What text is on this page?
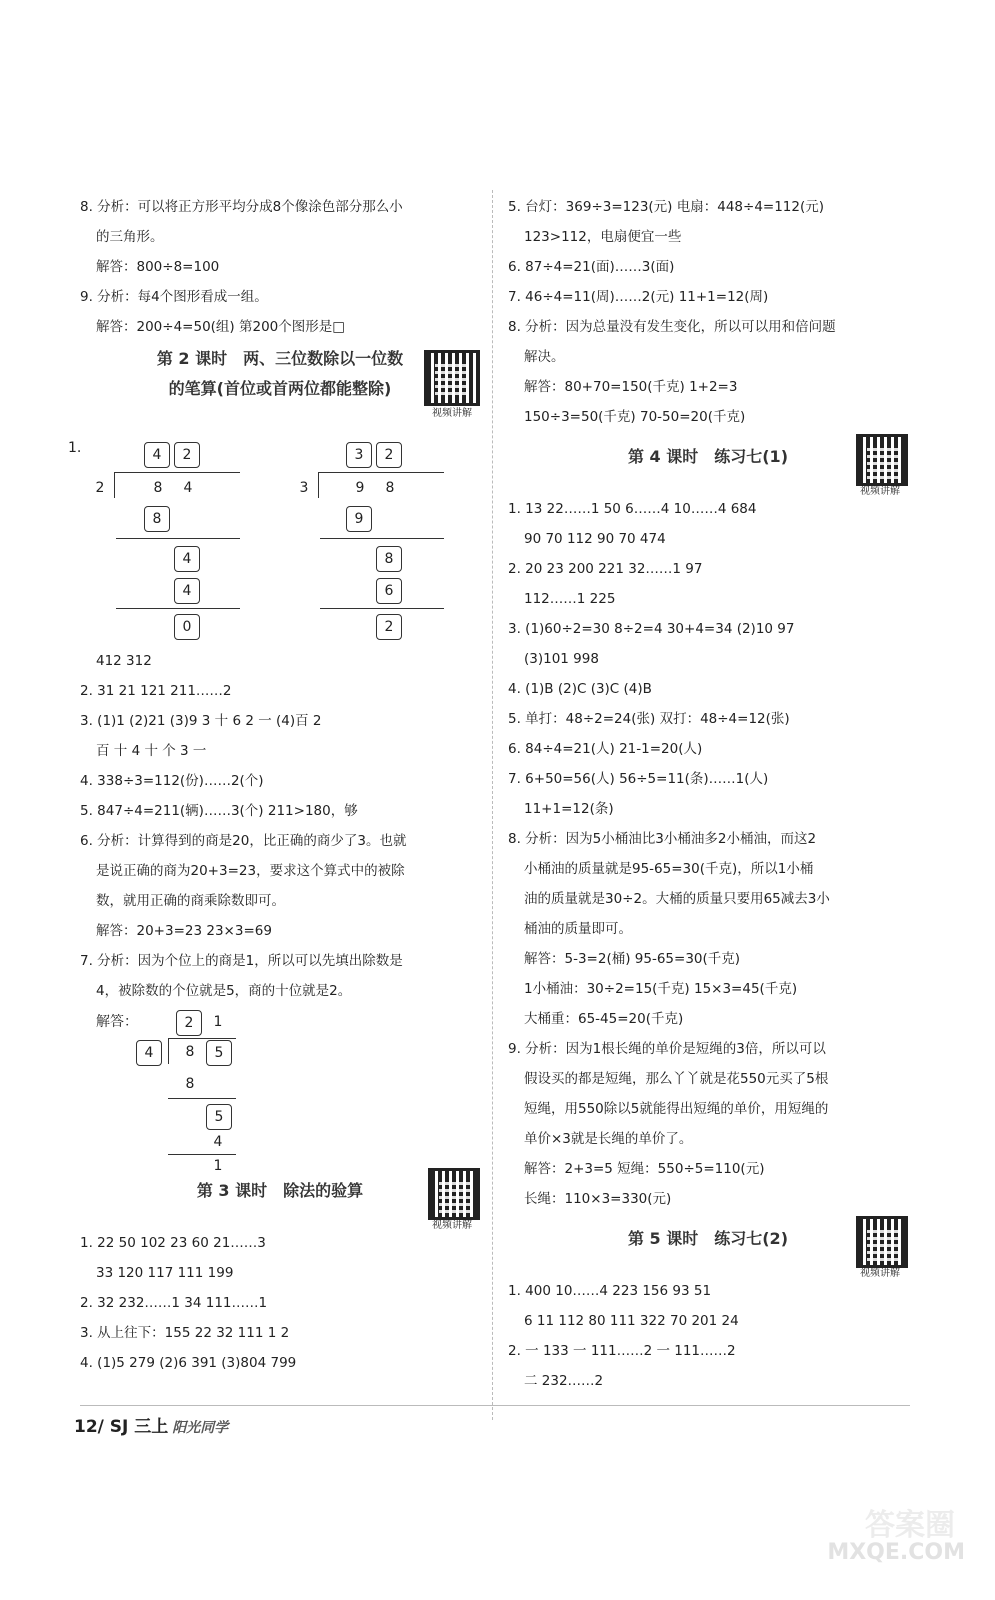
8. 分析：可以将正方形平均分成8个像涂色部分那么小
的三角形。
解答：800÷8=100
9. 分析：每4个图形看成一组。
解答：200÷4=50(组) 第200个图形是□
第 2 课时　两、三位数除以一位数
的笔算(首位或首两位都能整除)
视频讲解
1.	4	2
2	8	4
8
4
4
0
3	2
3	9	8
9
8
6
2
412 312
2. 31 21 121 211……2
3. (1)1 (2)21 (3)9 3 十 6 2 一 (4)百 2
百 十 4 十 个 3 一
4. 338÷3=112(份)……2(个)
5. 847÷4=211(辆)……3(个) 211>180，够
6. 分析：计算得到的商是20，比正确的商少了3。也就
是说正确的商为20+3=23，要求这个算式中的被除
数，就用正确的商乘除数即可。
解答：20+3=23 23×3=69
7. 分析：因为个位上的商是1，所以可以先填出除数是
4，被除数的个位就是5，商的十位就是2。
解答：	2	1
4	8	5
8
5
4
1
第 3 课时　除法的验算
视频讲解
1. 22 50 102 23 60 21……3
33 120 117 111 199
2. 32 232……1 34 111……1
3. 从上往下：155 22 32 111 1 2
4. (1)5 279 (2)6 391 (3)804 799
5. 台灯：369÷3=123(元) 电扇：448÷4=112(元)
123>112，电扇便宜一些
6. 87÷4=21(面)……3(面)
7. 46÷4=11(周)……2(元) 11+1=12(周)
8. 分析：因为总量没有发生变化，所以可以用和倍问题
解决。
解答：80+70=150(千克) 1+2=3
150÷3=50(千克) 70-50=20(千克)
第 4 课时　练习七(1)
视频讲解
1. 13 22……1 50 6……4 10……4 684
90 70 112 90 70 474
2. 20 23 200 221 32……1 97
112……1 225
3. (1)60÷2=30 8÷2=4 30+4=34 (2)10 97
(3)101 998
4. (1)B (2)C (3)C (4)B
5. 单打：48÷2=24(张) 双打：48÷4=12(张)
6. 84÷4=21(人) 21-1=20(人)
7. 6+50=56(人) 56÷5=11(条)……1(人)
11+1=12(条)
8. 分析：因为5小桶油比3小桶油多2小桶油，而这2
小桶油的质量就是95-65=30(千克)，所以1小桶
油的质量就是30÷2。大桶的质量只要用65减去3小
桶油的质量即可。
解答：5-3=2(桶) 95-65=30(千克)
1小桶油：30÷2=15(千克) 15×3=45(千克)
大桶重：65-45=20(千克)
9. 分析：因为1根长绳的单价是短绳的3倍，所以可以
假设买的都是短绳，那么丫丫就是花550元买了5根
短绳，用550除以5就能得出短绳的单价，用短绳的
单价×3就是长绳的单价了。
解答：2+3=5 短绳：550÷5=110(元)
长绳：110×3=330(元)
第 5 课时　练习七(2)
视频讲解
1. 400 10……4 223 156 93 51
6 11 112 80 111 322 70 201 24
2. 一 133 一 111……2 一 111……2
二 232……2
12/ SJ 三上 阳光同学
答案圈
MXQE.COM
